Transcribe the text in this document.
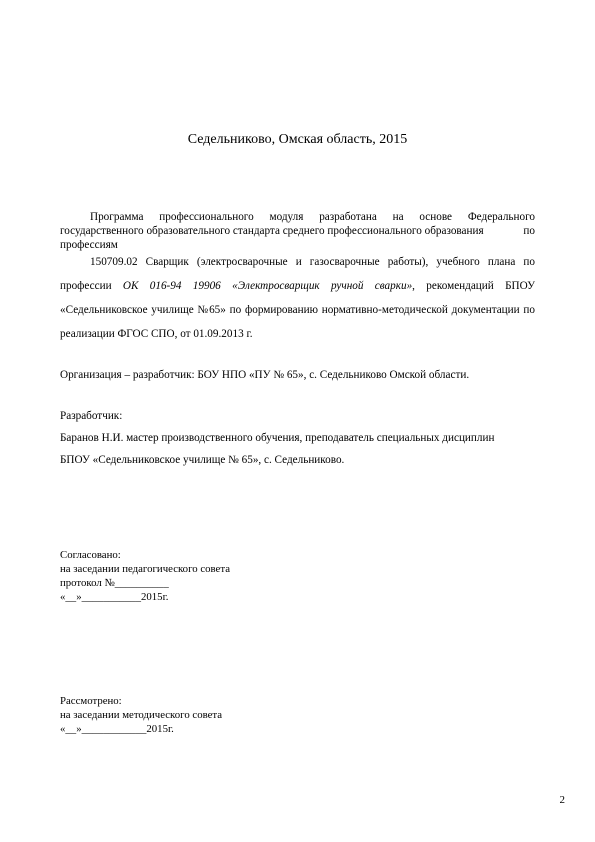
Седельниково, Омская область, 2015
Программа профессионального модуля разработана на основе Федерального
государственного образовательного стандарта среднего профессионального образования	по
профессиям
150709.02 Сварщик (электросварочные и газосварочные работы), учебного плана по
профессии ОК 016-94 19906 «Электросварщик ручной сварки», рекомендаций БПОУ
«Седельниковское училище №65» по формированию нормативно-методической документации по
реализации ФГОС СПО, от 01.09.2013 г.
Организация – разработчик: БОУ НПО «ПУ № 65», с. Седельниково Омской области.
Разработчик:
Баранов Н.И. мастер производственного обучения, преподаватель специальных дисциплин
БПОУ «Седельниковское училище № 65», с. Седельниково.
Согласовано:
на заседании педагогического совета
протокол №__________
«__»___________2015г.
Рассмотрено:
на заседании методического совета
«__»____________2015г.
2
